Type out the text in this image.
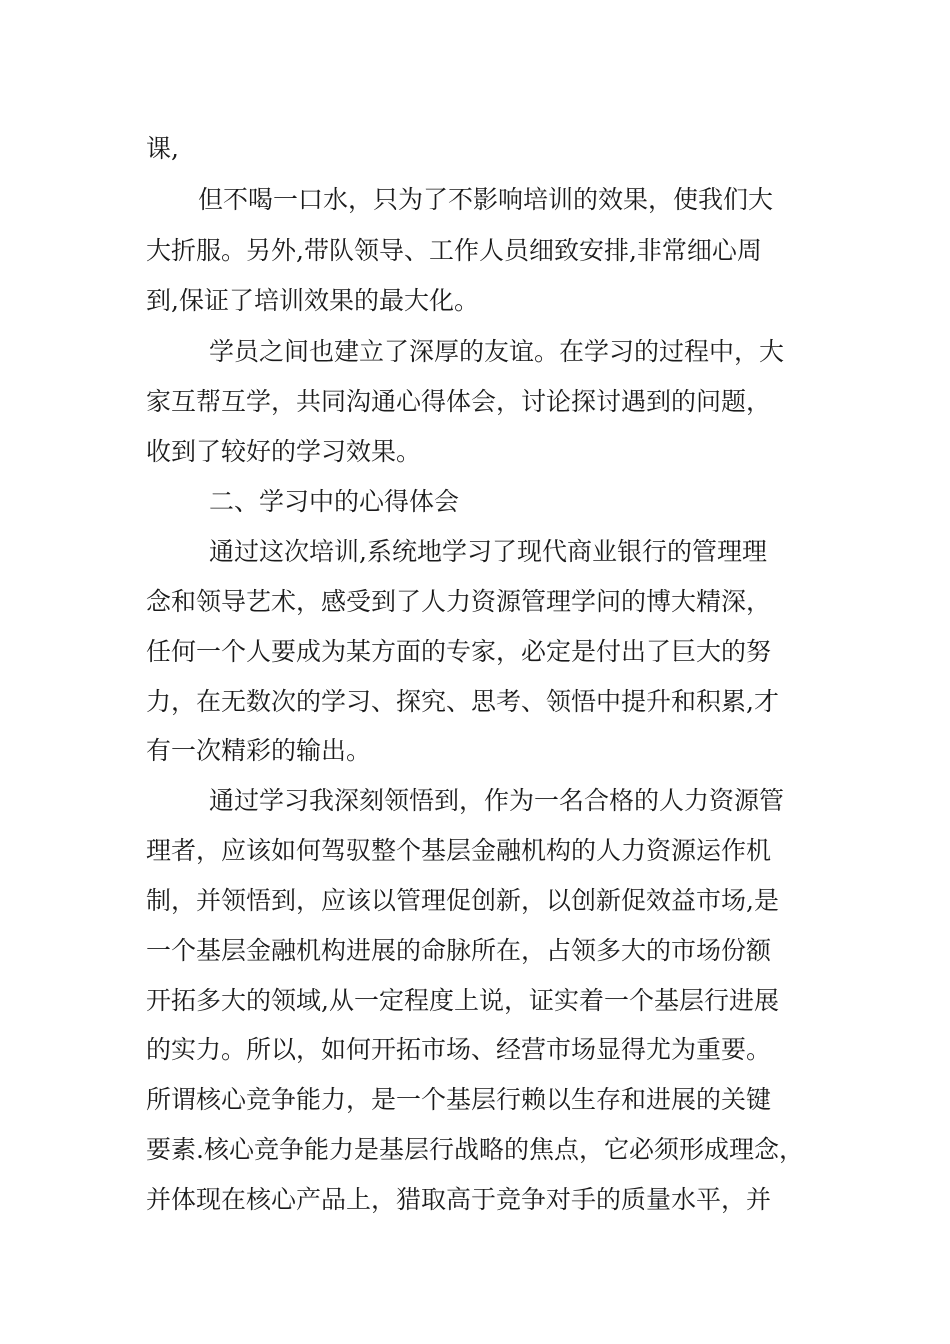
课,

但不喝一口水，只为了不影响培训的效果，使我们大

大折服。另外,带队领导、工作人员细致安排,非常细心周

到,保证了培训效果的最大化。

学员之间也建立了深厚的友谊。在学习的过程中，大

家互帮互学，共同沟通心得体会，讨论探讨遇到的问题，

收到了较好的学习效果。

二、学习中的心得体会

通过这次培训,系统地学习了现代商业银行的管理理

念和领导艺术，感受到了人力资源管理学问的博大精深，

任何一个人要成为某方面的专家，必定是付出了巨大的努

力，在无数次的学习、探究、思考、领悟中提升和积累,才

有一次精彩的输出。

通过学习我深刻领悟到，作为一名合格的人力资源管

理者，应该如何驾驭整个基层金融机构的人力资源运作机

制，并领悟到，应该以管理促创新，以创新促效益市场,是

一个基层金融机构进展的命脉所在，占领多大的市场份额

开拓多大的领域,从一定程度上说，证实着一个基层行进展

的实力。所以，如何开拓市场、经营市场显得尤为重要。

所谓核心竞争能力，是一个基层行赖以生存和进展的关键

要素.核心竞争能力是基层行战略的焦点，它必须形成理念，

并体现在核心产品上，猎取高于竞争对手的质量水平，并
